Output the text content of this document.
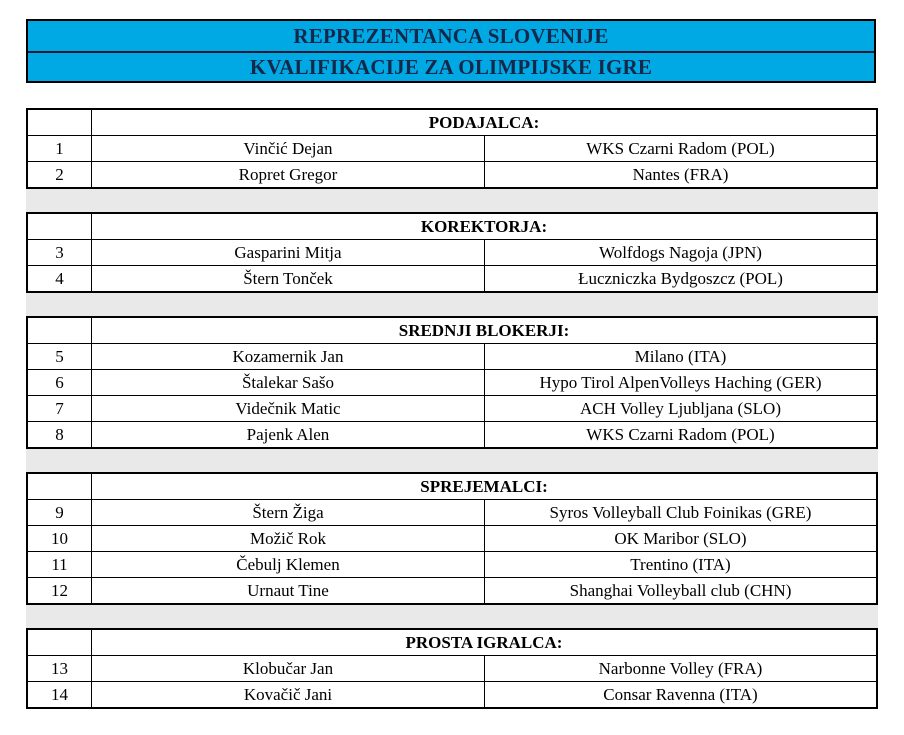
REPREZENTANCA SLOVENIJE
KVALIFIKACIJE ZA OLIMPIJSKE IGRE
PODAJALCA:
1	Vinčić Dejan	WKS Czarni Radom (POL)
2	Ropret Gregor	Nantes (FRA)
KOREKTORJA:
3	Gasparini Mitja	Wolfdogs Nagoja (JPN)
4	Štern Tonček	Łuczniczka Bydgoszcz (POL)
SREDNJI BLOKERJI:
5	Kozamernik Jan	Milano (ITA)
6	Štalekar Sašo	Hypo Tirol AlpenVolleys Haching (GER)
7	Videčnik Matic	ACH Volley Ljubljana (SLO)
8	Pajenk Alen	WKS Czarni Radom (POL)
SPREJEMALCI:
9	Štern Žiga	Syros Volleyball Club Foinikas (GRE)
10	Možič Rok	OK Maribor (SLO)
11	Čebulj Klemen	Trentino (ITA)
12	Urnaut Tine	Shanghai Volleyball club (CHN)
PROSTA IGRALCA:
13	Klobučar Jan	Narbonne Volley (FRA)
14	Kovačič Jani	Consar Ravenna (ITA)
